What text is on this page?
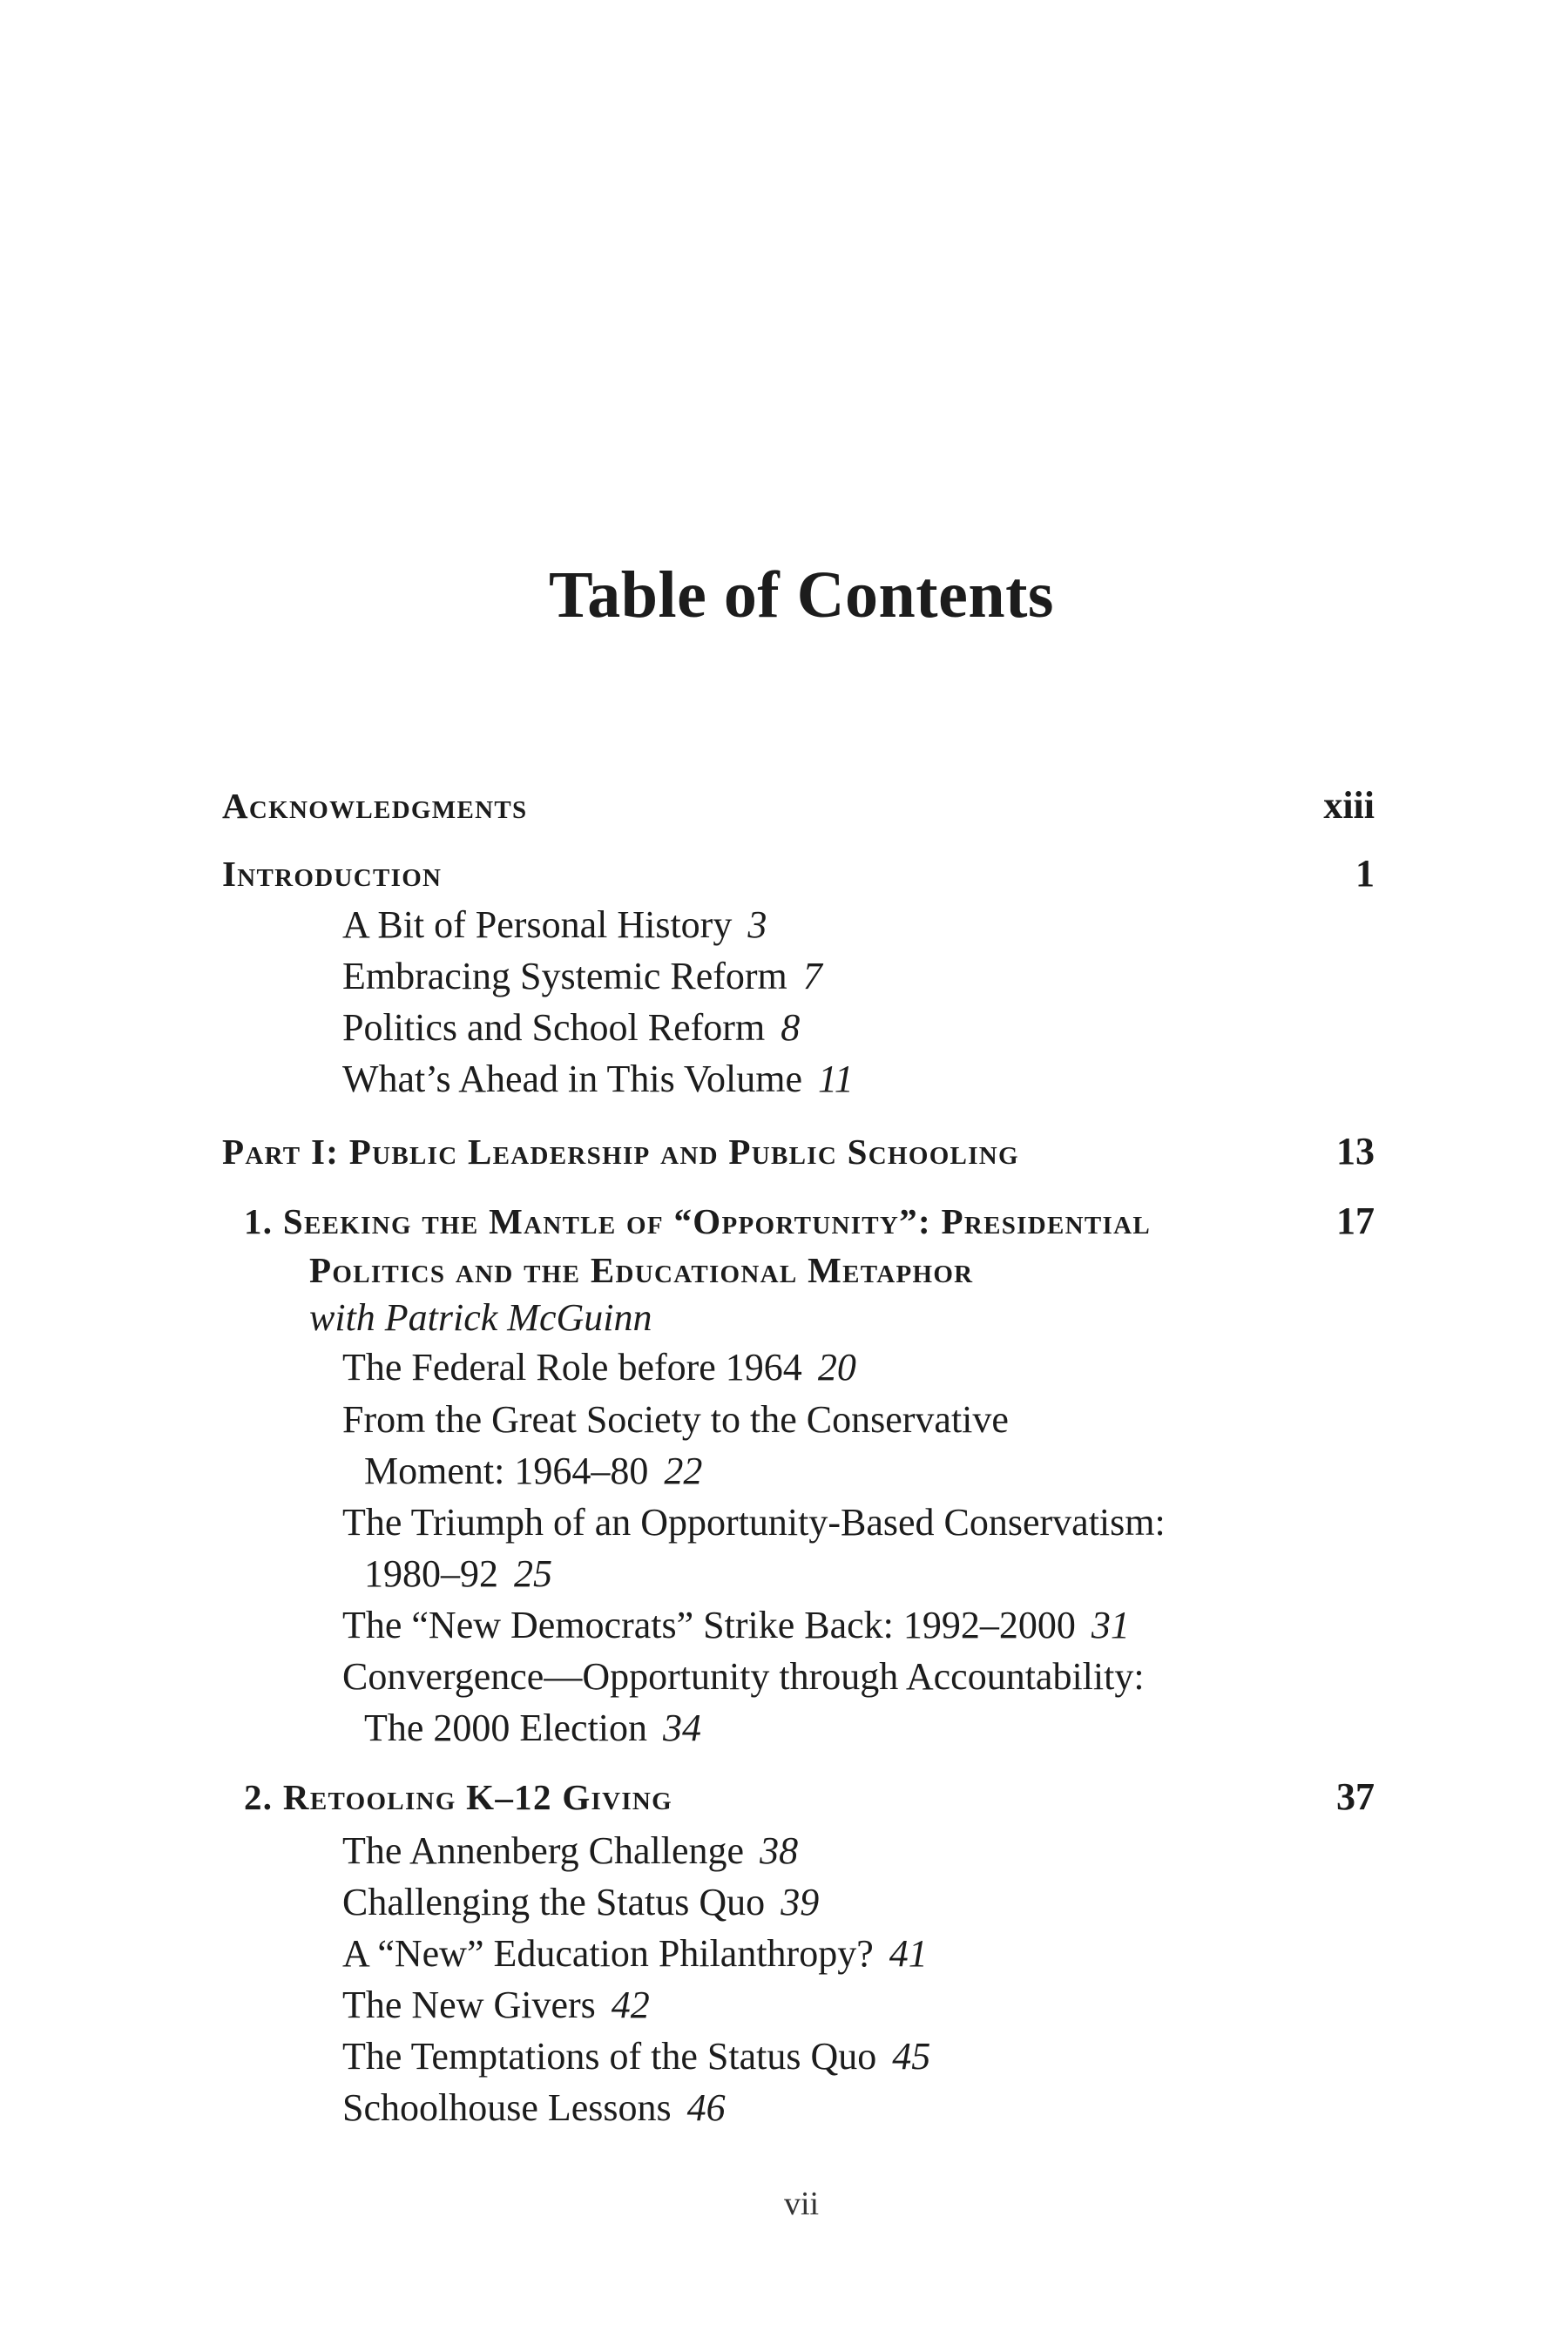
Table of Contents
Acknowledgments	xiii
Introduction	1
A Bit of Personal History 3
Embracing Systemic Reform 7
Politics and School Reform 8
What’s Ahead in This Volume 11
Part I: Public Leadership and Public Schooling	13
1. Seeking the Mantle of “Opportunity”: Presidential	17
Politics and the Educational Metaphor
with Patrick McGuinn
The Federal Role before 1964 20
From the Great Society to the Conservative
Moment: 1964–80 22
The Triumph of an Opportunity-Based Conservatism:
1980–92 25
The “New Democrats” Strike Back: 1992–2000 31
Convergence—Opportunity through Accountability:
The 2000 Election 34
2. Retooling K–12 Giving	37
The Annenberg Challenge 38
Challenging the Status Quo 39
A “New” Education Philanthropy? 41
The New Givers 42
The Temptations of the Status Quo 45
Schoolhouse Lessons 46
vii
